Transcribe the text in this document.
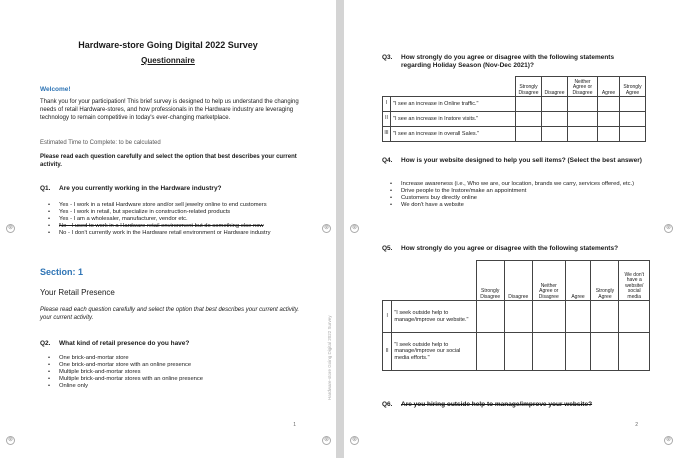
Hardware-store Going Digital 2022 Survey
Questionnaire
Welcome!
Thank you for your participation! This brief survey is designed to help us understand the changing needs of retail Hardware-stores, and how professionals in the Hardware industry are leveraging technology to remain competitive in today's ever-changing marketplace.
Estimated Time to Complete: to be calculated
Please read each question carefully and select the option that best describes your current activity.
Q1. Are you currently working in the Hardware industry?
• Yes - I work in a retail Hardware store and/or sell jewelry online to end customers
• Yes - I work in retail, but specialize in construction-related products
• Yes - I am a wholesaler, manufacturer, vendor etc.
• No - I used to work in a Hardware retail environment but do something else now
• No - I don't currently work in the Hardware retail environment or Hardware industry
Section: 1
Your Retail Presence
Please read each question carefully and select the option that best describes your current activity. your current activity.
Q2. What kind of retail presence do you have?
• One brick-and-mortar store
• One brick-and-mortar store with an online presence
• Multiple brick-and-mortar stores
• Multiple brick-and-mortar stores with an online presence
• Online only
1
⊗
⊗
⊗
⊗
Hardware-store Going Digital 2022 Survey
Q3.	How strongly do you agree or disagree with the following statements regarding Holiday Season (Nov-Dec 2021)?
		Strongly Disagree	Disagree	Neither Agree or Disagree	Agree	Strongly Agree
I	"I see an increase in Online traffic."					
II	"I see an increase in Instore visits."					
III	"I see an increase in overall Sales."					
Q4.	How is your website designed to help you sell items? (Select the best answer)
• Increase awareness (i.e., Who we are, our location, brands we carry, services offered, etc.)
• Drive people to the Instore/make an appointment
• Customers buy directly online
• We don't have a website
Q5. How strongly do you agree or disagree with the following statements?
		Strongly Disagree	Disagree	Neither Agree or Disagree	Agree	Strongly Agree	We don't have a website/ social media
I	"I seek outside help to manage/improve our website."						
II	"I seek outside help to manage/improve our social media efforts."						
Q6. Are you hiring outside help to manage/improve your website?
2
⊗
⊗
⊗
⊗
